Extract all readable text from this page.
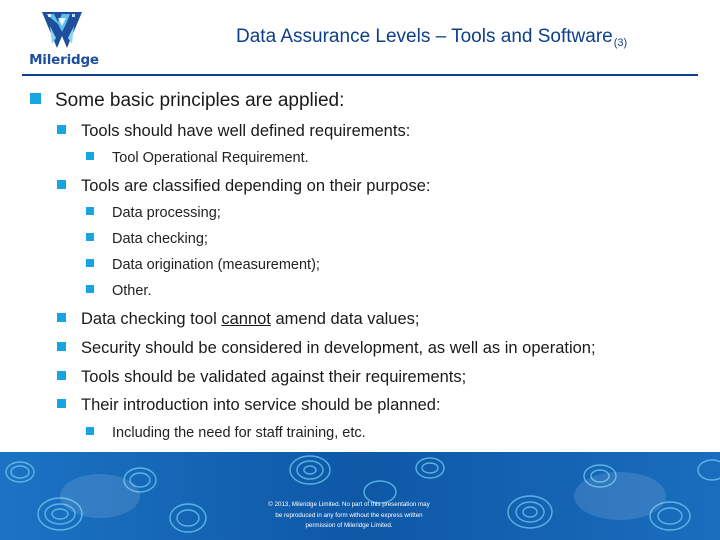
Mileridge
Data Assurance Levels – Tools and Software$_{(3)}$
Some basic principles are applied:
Tools should have well defined requirements:
Tool Operational Requirement.
Tools are classified depending on their purpose:
Data processing;
Data checking;
Data origination (measurement);
Other.
Data checking tool cannot amend data values;
Security should be considered in development, as well as in operation;
Tools should be validated against their requirements;
Their introduction into service should be planned:
Including the need for staff training, etc.
© 2013, Mileridge Limited. No part of this presentation may
be reproduced in any form without the express written
permission of Mileridge Limited.
